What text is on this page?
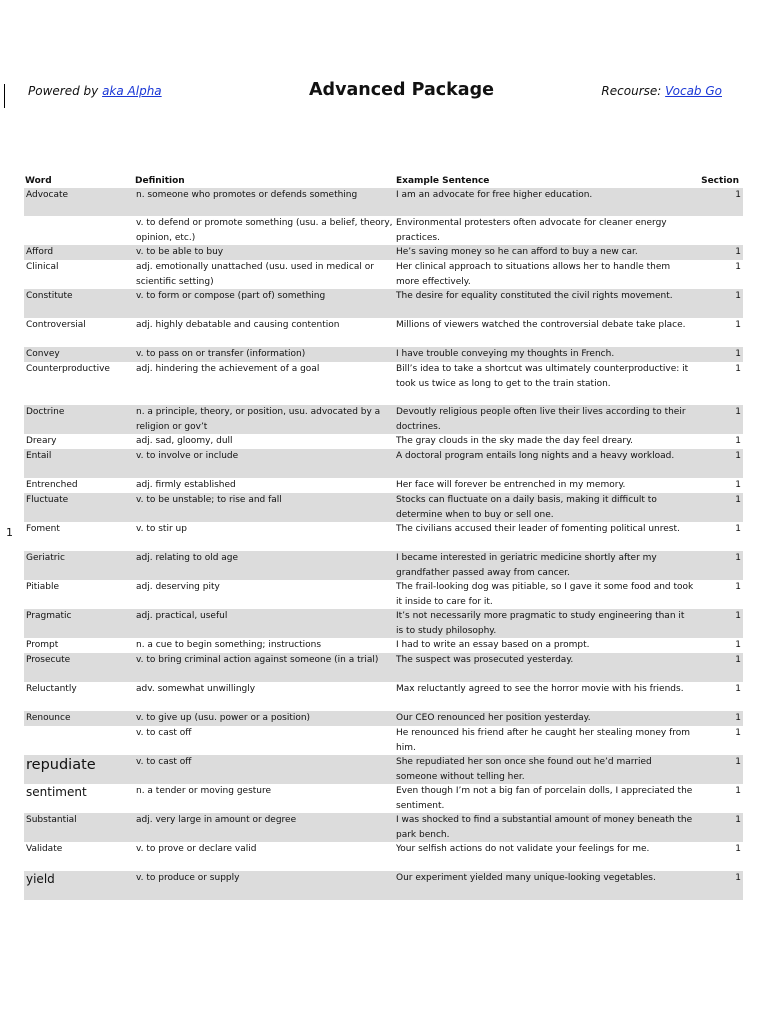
Powered by aka Alpha	Advanced Package	Recourse: Vocab Go
1
Word	Definition	Example Sentence	Section
Advocate	n. someone who promotes or defends something	I am an advocate for free higher education.	1
	v. to defend or promote something (usu. a belief, theory, opinion, etc.)	Environmental protesters often advocate for cleaner energy practices.	
Afford	v. to be able to buy	He’s saving money so he can afford to buy a new car.	1
Clinical	adj. emotionally unattached (usu. used in medical or scientific setting)	Her clinical approach to situations allows her to handle them more effectively.	1
Constitute	v. to form or compose (part of) something	The desire for equality constituted the civil rights movement.	1
Controversial	adj. highly debatable and causing contention	Millions of viewers watched the controversial debate take place.	1
Convey	v. to pass on or transfer (information)	I have trouble conveying my thoughts in French.	1
Counterproductive	adj. hindering the achievement of a goal	Bill’s idea to take a shortcut was ultimately counterproductive: it took us twice as long to get to the train station.	1
Doctrine	n. a principle, theory, or position, usu. advocated by a religion or gov’t	Devoutly religious people often live their lives according to their doctrines.	1
Dreary	adj. sad, gloomy, dull	The gray clouds in the sky made the day feel dreary.	1
Entail	v. to involve or include	A doctoral program entails long nights and a heavy workload.	1
Entrenched	adj. firmly established	Her face will forever be entrenched in my memory.	1
Fluctuate	v. to be unstable; to rise and fall	Stocks can fluctuate on a daily basis, making it difficult to determine when to buy or sell one.	1
Foment	v. to stir up	The civilians accused their leader of fomenting political unrest.	1
Geriatric	adj. relating to old age	I became interested in geriatric medicine shortly after my grandfather passed away from cancer.	1
Pitiable	adj. deserving pity	The frail-looking dog was pitiable, so I gave it some food and took it inside to care for it.	1
Pragmatic	adj. practical, useful	It’s not necessarily more pragmatic to study engineering than it is to study philosophy.	1
Prompt	n. a cue to begin something; instructions	I had to write an essay based on a prompt.	1
Prosecute	v. to bring criminal action against someone (in a trial)	The suspect was prosecuted yesterday.	1
Reluctantly	adv. somewhat unwillingly	Max reluctantly agreed to see the horror movie with his friends.	1
Renounce	v. to give up (usu. power or a position)	Our CEO renounced her position yesterday.	1
	v. to cast off	He renounced his friend after he caught her stealing money from him.	1
repudiate	v. to cast off	She repudiated her son once she found out he’d married someone without telling her.	1
sentiment	n. a tender or moving gesture	Even though I’m not a big fan of porcelain dolls, I appreciated the sentiment.	1
Substantial	adj. very large in amount or degree	I was shocked to find a substantial amount of money beneath the park bench.	1
Validate	v. to prove or declare valid	Your selfish actions do not validate your feelings for me.	1
yield	v. to produce or supply	Our experiment yielded many unique-looking vegetables.	1
